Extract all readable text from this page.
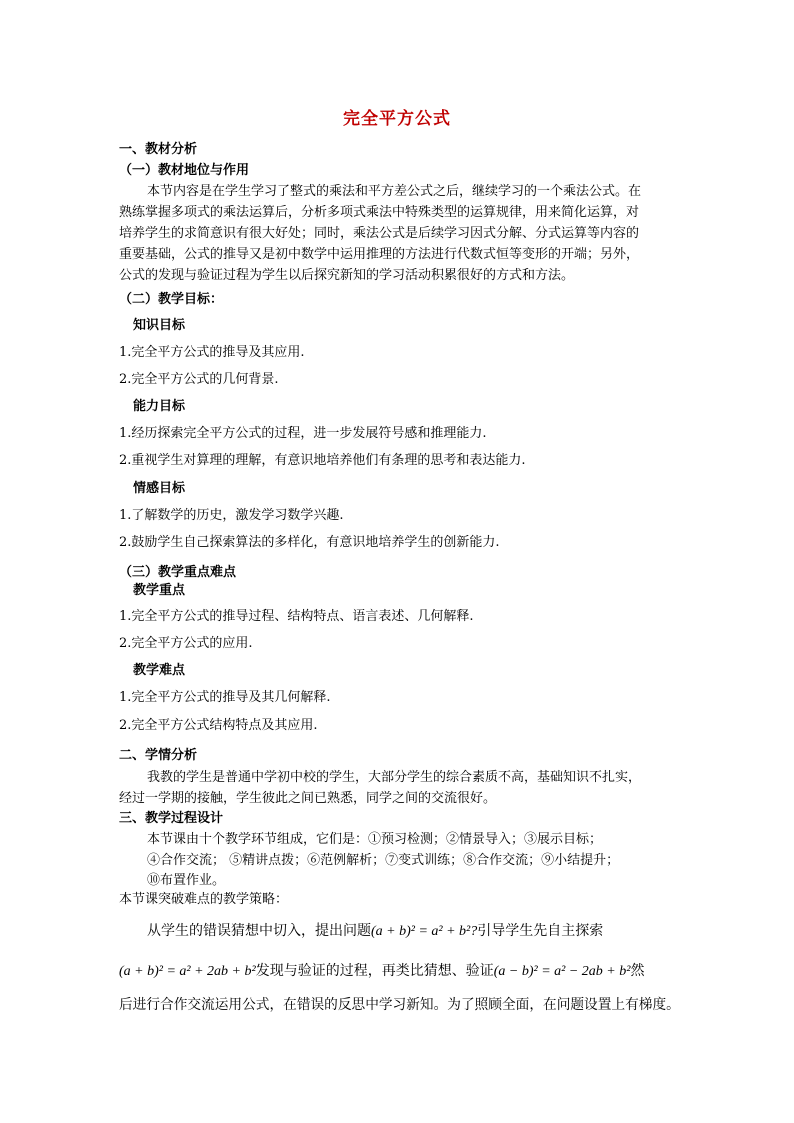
完全平方公式
一、教材分析
（一）教材地位与作用
本节内容是在学生学习了整式的乘法和平方差公式之后，继续学习的一个乘法公式。在
熟练掌握多项式的乘法运算后，分析多项式乘法中特殊类型的运算规律，用来简化运算，对
培养学生的求简意识有很大好处；同时，乘法公式是后续学习因式分解、分式运算等内容的
重要基础，公式的推导又是初中数学中运用推理的方法进行代数式恒等变形的开端；另外，
公式的发现与验证过程为学生以后探究新知的学习活动积累很好的方式和方法。
（二）教学目标：
知识目标
1.完全平方公式的推导及其应用.
2.完全平方公式的几何背景.
能力目标
1.经历探索完全平方公式的过程，进一步发展符号感和推理能力.
2.重视学生对算理的理解，有意识地培养他们有条理的思考和表达能力.
情感目标
1.了解数学的历史，激发学习数学兴趣.
2.鼓励学生自己探索算法的多样化，有意识地培养学生的创新能力.
（三）教学重点难点
教学重点
1.完全平方公式的推导过程、结构特点、语言表述、几何解释.
2.完全平方公式的应用.
教学难点
1.完全平方公式的推导及其几何解释.
2.完全平方公式结构特点及其应用.
二、学情分析
我教的学生是普通中学初中校的学生，大部分学生的综合素质不高，基础知识不扎实，
经过一学期的接触，学生彼此之间已熟悉，同学之间的交流很好。
三、教学过程设计
本节课由十个教学环节组成，它们是：①预习检测；②情景导入；③展示目标；
④合作交流； ⑤精讲点拨；⑥范例解析；⑦变式训练；⑧合作交流；⑨小结提升；
⑩布置作业。
本节课突破难点的教学策略：
从学生的错误猜想中切入，提出问题(a + b)² = a² + b²?引导学生先自主探索
(a + b)² = a² + 2ab + b²发现与验证的过程，再类比猜想、验证(a − b)² = a² − 2ab + b²然
后进行合作交流运用公式，在错误的反思中学习新知。为了照顾全面，在问题设置上有梯度。
